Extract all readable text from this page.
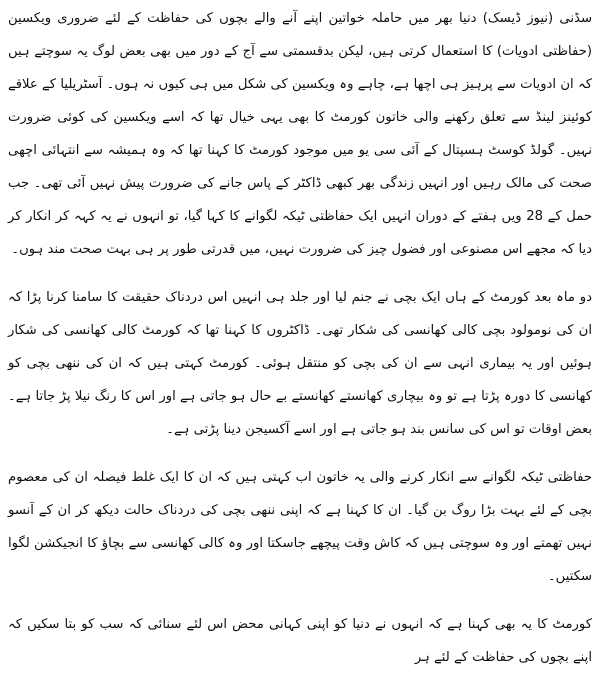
سڈنی (نیوز ڈیسک) دنیا بھر میں حاملہ خواتین اپنے آنے والے بچوں کی حفاظت کے لئے ضروری ویکسین (حفاظتی ادویات) کا استعمال کرتی ہیں، لیکن بدقسمتی سے آج کے دور میں بھی بعض لوگ یہ سوچتے ہیں کہ ان ادویات سے پرہیز ہی اچھا ہے، چاہے وہ ویکسین کی شکل میں ہی کیوں نہ ہوں۔ آسٹریلیا کے علاقے کوئینز لینڈ سے تعلق رکھنے والی خاتون کورمٹ کا بھی یہی خیال تھا کہ اسے ویکسین کی کوئی ضرورت نہیں۔ گولڈ کوسٹ ہسپتال کے آئی سی یو میں موجود کورمٹ کا کہنا تھا کہ وہ ہمیشہ سے انتہائی اچھی صحت کی مالک رہیں اور انہیں زندگی بھر کبھی ڈاکٹر کے پاس جانے کی ضرورت پیش نہیں آئی تھی۔ جب حمل کے 28 ویں ہفتے کے دوران انہیں ایک حفاظتی ٹیکہ لگوانے کا کہا گیا، تو انہوں نے یہ کہہ کر انکار کر دیا کہ مجھے اس مصنوعی اور فضول چیز کی ضرورت نہیں، میں قدرتی طور پر ہی بہت صحت مند ہوں۔

دو ماہ بعد کورمٹ کے ہاں ایک بچی نے جنم لیا اور جلد ہی انہیں اس دردناک حقیقت کا سامنا کرنا پڑا کہ ان کی نومولود بچی کالی کھانسی کی شکار تھی۔ ڈاکٹروں کا کہنا تھا کہ کورمٹ کالی کھانسی کی شکار ہوئیں اور یہ بیماری انہی سے ان کی بچی کو منتقل ہوئی۔ کورمٹ کہتی ہیں کہ ان کی ننھی بچی کو کھانسی کا دورہ پڑتا ہے تو وہ بیچاری کھانستے کھانستے بے حال ہو جاتی ہے اور اس کا رنگ نیلا پڑ جاتا ہے۔ بعض اوقات تو اس کی سانس بند ہو جاتی ہے اور اسے آکسیجن دینا پڑتی ہے۔

حفاظتی ٹیکہ لگوانے سے انکار کرنے والی یہ خاتون اب کہتی ہیں کہ ان کا ایک غلط فیصلہ ان کی معصوم بچی کے لئے بہت بڑا روگ بن گیا۔ ان کا کہنا ہے کہ اپنی ننھی بچی کی دردناک حالت دیکھ کر ان کے آنسو نہیں تھمتے اور وہ سوچتی ہیں کہ کاش وقت پیچھے جاسکتا اور وہ کالی کھانسی سے بچاؤ کا انجیکشن لگوا سکتیں۔

کورمٹ کا یہ بھی کہنا ہے کہ انہوں نے دنیا کو اپنی کہانی محض اس لئے سنائی کہ سب کو بتا سکیں کہ اپنے بچوں کی حفاظت کے لئے ہر
